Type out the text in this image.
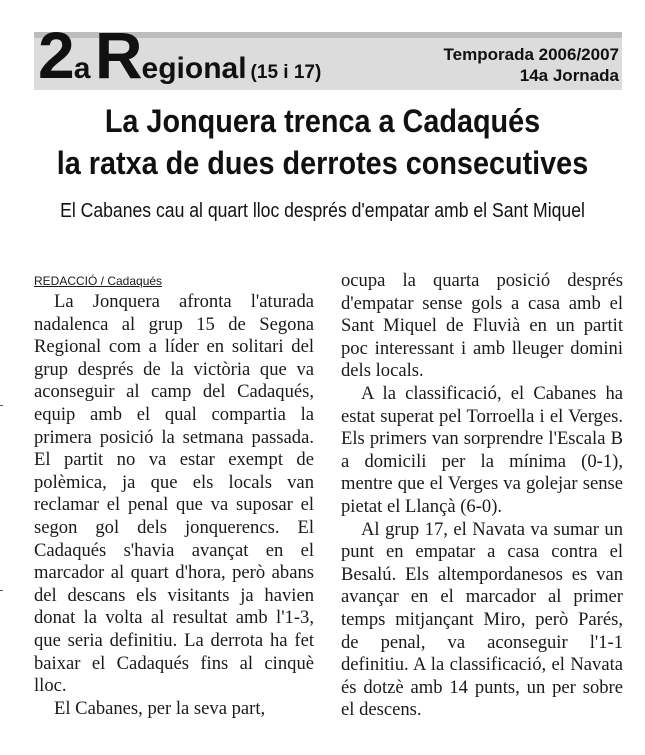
2a Regional (15 i 17)
Temporada 2006/2007
14a Jornada
La Jonquera trenca a Cadaqués
la ratxa de dues derrotes consecutives
El Cabanes cau al quart lloc després d'empatar amb el Sant Miquel
REDACCIÓ / Cadaqués

La Jonquera afronta l'aturada nadalenca al grup 15 de Segona Regional com a líder en solitari del grup després de la victòria que va aconseguir al camp del Cadaqués, equip amb el qual compartia la primera posició la setmana passada. El partit no va estar exempt de polèmica, ja que els locals van reclamar el penal que va suposar el segon gol dels jonquerencs. El Cadaqués s'havia avançat en el marcador al quart d'hora, però abans del descans els visitants ja havien donat la volta al resultat amb l'1-3, que seria definitiu. La derrota ha fet baixar el Cadaqués fins al cinquè lloc.

El Cabanes, per la seva part,

ocupa la quarta posició després d'empatar sense gols a casa amb el Sant Miquel de Fluvià en un partit poc interessant i amb lleuger domini dels locals.

A la classificació, el Cabanes ha estat superat pel Torroella i el Verges. Els primers van sorprendre l'Escala B a domicili per la mínima (0-1), mentre que el Verges va golejar sense pietat el Llançà (6-0).

Al grup 17, el Navata va sumar un punt en empatar a casa contra el Besalú. Els altempordanesos es van avançar en el marcador al primer temps mitjançant Miro, però Parés, de penal, va aconseguir l'1-1 definitiu. A la classificació, el Navata és dotzè amb 14 punts, un per sobre el descens.
